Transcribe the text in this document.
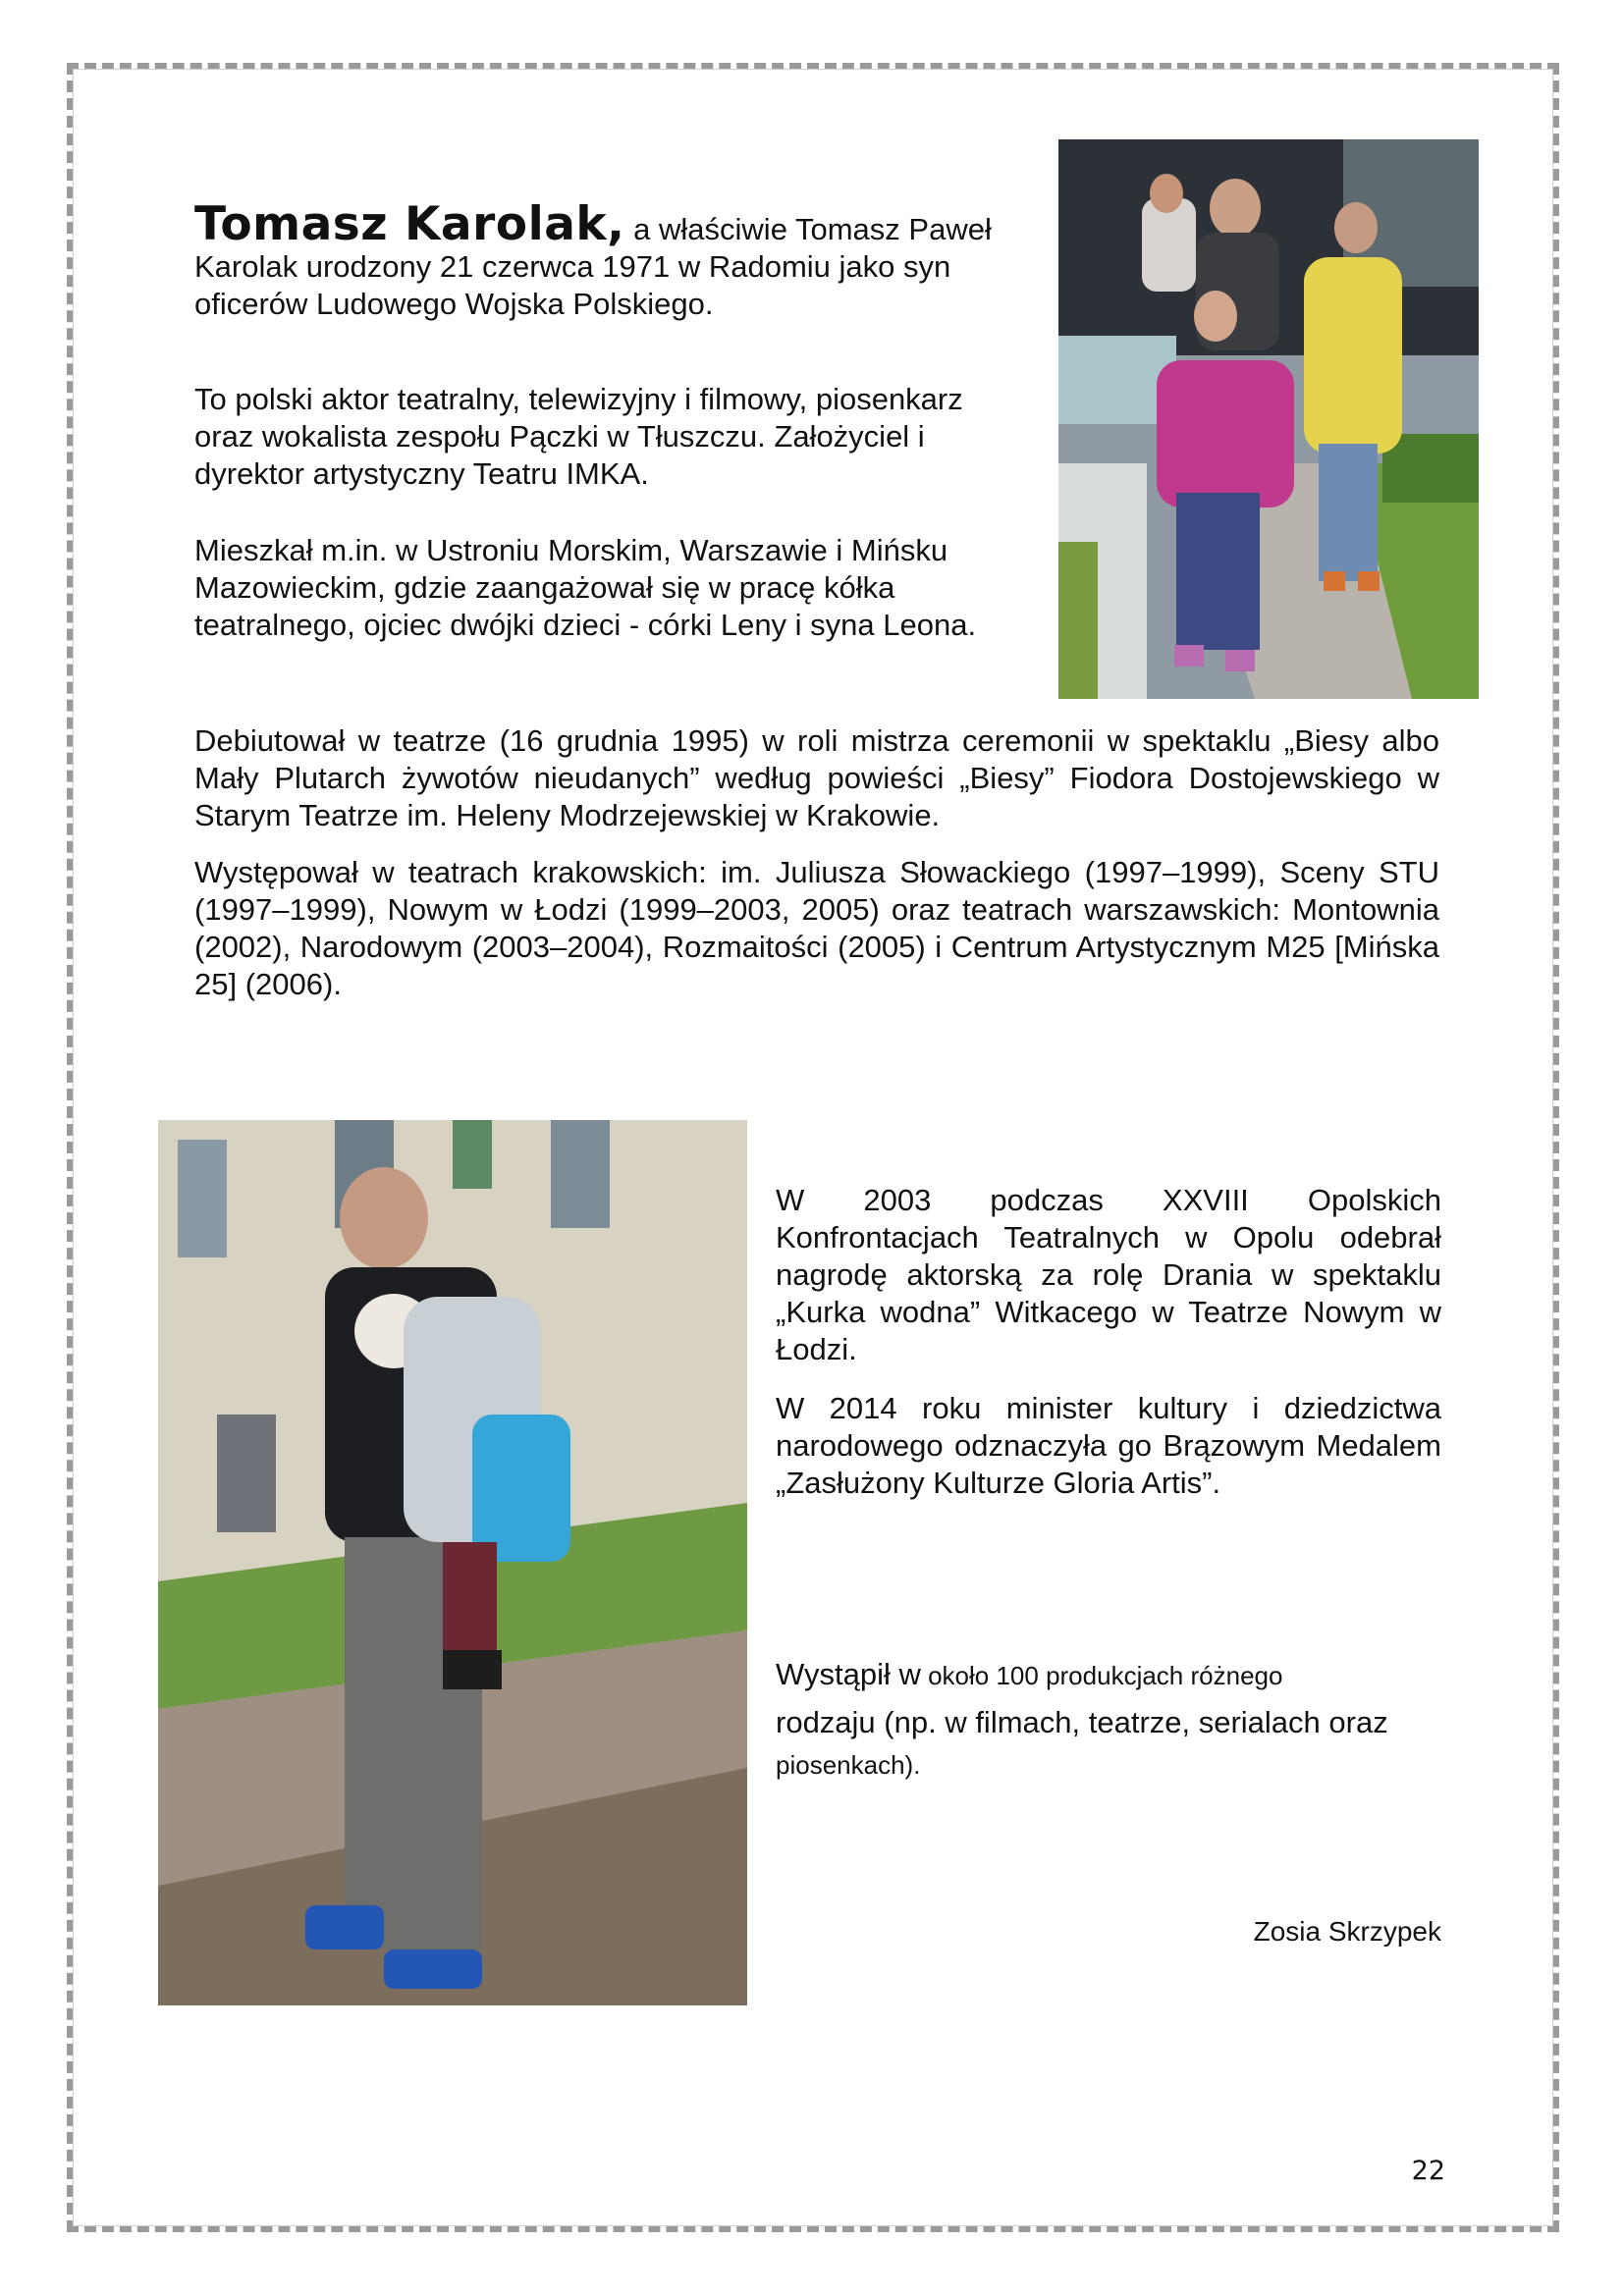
Tomasz Karolak, a właściwie Tomasz Paweł Karolak urodzony 21 czerwca 1971 w Radomiu jako syn oficerów Ludowego Wojska Polskiego.

To polski aktor teatralny, telewizyjny i filmowy, piosenkarz oraz wokalista zespołu Pączki w Tłuszczu. Założyciel i dyrektor artystyczny Teatru IMKA.

Mieszkał m.in. w Ustroniu Morskim, Warszawie i Mińsku Mazowieckim, gdzie zaangażował się w pracę kółka teatralnego, ojciec dwójki dzieci - córki Leny i syna Leona.

Debiutował w teatrze (16 grudnia 1995) w roli mistrza ceremonii w spektaklu „Biesy albo Mały Plutarch żywotów nieudanych” według powieści „Biesy” Fiodora Dostojewskiego w Starym Teatrze im. Heleny Modrzejewskiej w Krakowie.

Występował w teatrach krakowskich: im. Juliusza Słowackiego (1997–1999), Sceny STU (1997–1999), Nowym w Łodzi (1999–2003, 2005) oraz teatrach warszawskich: Montownia (2002), Narodowym (2003–2004), Rozmaitości (2005) i Centrum Artystycznym M25 [Mińska 25] (2006).

W 2003 podczas XXVIII Opolskich Konfrontacjach Teatralnych w Opolu odebrał nagrodę aktorską za rolę Drania w spektaklu „Kurka wodna” Witkacego w Teatrze Nowym w Łodzi.

W 2014 roku minister kultury i dziedzictwa narodowego odznaczyła go Brązowym Medalem „Zasłużony Kulturze Gloria Artis”.

Wystąpił w około 100 produkcjach różnego
rodzaju (np. w filmach, teatrze, serialach oraz
piosenkach).
Zosia Skrzypek
22
